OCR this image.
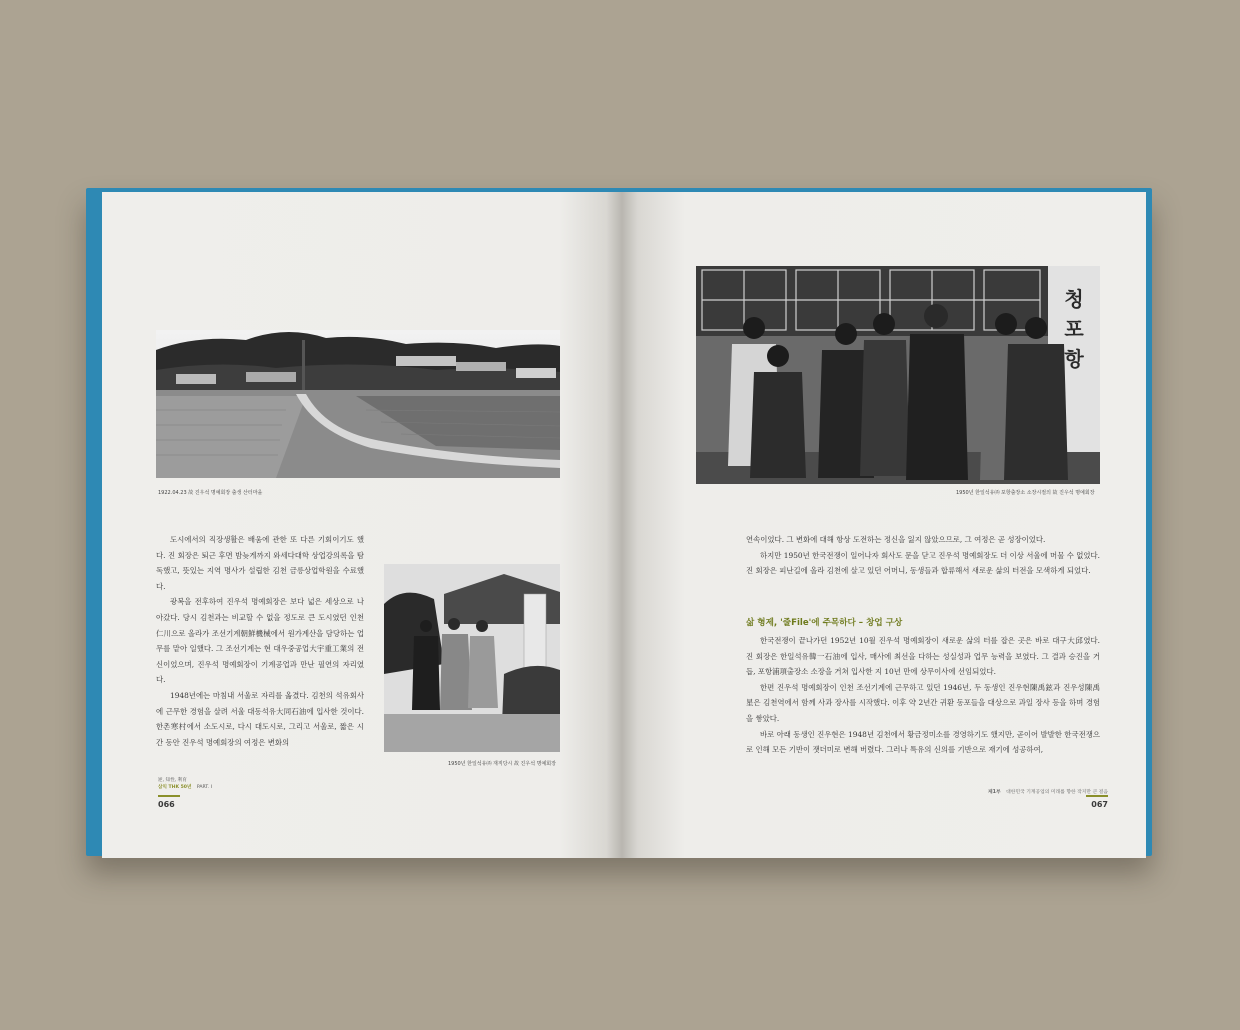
1922.04.23 故 진우석 명예회장 출생 산터마을

도시에서의 직장생활은 배움에 관한 또 다른 기회이기도 했다. 진 회장은 퇴근 후면 밤늦게까지 와세다대학 상업강의록을 탐독했고, 뜻있는 지역 명사가 설립한 김천 금릉상업학원을 수료했다.

광복을 전후하여 진우석 명예회장은 보다 넓은 세상으로 나아갔다. 당시 김천과는 비교할 수 없을 정도로 큰 도시였던 인천仁川으로 올라가 조선기계朝鮮機械에서 원가계산을 담당하는 업무를 맡아 일했다. 그 조선기계는 현 대우중공업大宇重工業의 전신이었으며, 진우석 명예회장이 기계공업과 만난 필연의 자리였다.

1948년에는 마침내 서울로 자리를 옮겼다. 김천의 석유회사에 근무한 경험을 살려 서울 대동석유大同石油에 입사한 것이다. 한촌寒村에서 소도시로, 다시 대도시로, 그리고 서울로, 짧은 시간 동안 진우석 명예회장의 여정은 변화의

1950년 한일석유㈜ 재직당시 故 진우석 명예회장
逆, 知性, 利育
삼익 THK 50년 PART. I
066
청
포
항
1950년 한일석유㈜ 포항출장소 소장시절의 故 진우석 명예회장

연속이었다. 그 변화에 대해 항상 도전하는 정신을 잃지 않았으므로, 그 여정은 곧 성장이었다.

하지만 1950년 한국전쟁이 일어나자 회사도 문을 닫고 진우석 명예회장도 더 이상 서울에 머물 수 없었다. 진 회장은 피난길에 올라 김천에 살고 있던 어머니, 동생들과 합류해서 새로운 삶의 터전을 모색하게 되었다.

삶 형제, '줄File'에 주목하다 – 창업 구상

한국전쟁이 끝나가던 1952년 10월 진우석 명예회장이 새로운 삶의 터를 잡은 곳은 바로 대구大邱였다. 진 회장은 한일석유韓一石油에 입사, 매사에 최선을 다하는 성실성과 업무 능력을 보였다. 그 결과 승진을 거듭, 포항浦項출장소 소장을 거쳐 입사한 지 10년 만에 상무이사에 선임되었다.

한편 진우석 명예회장이 인천 조선기계에 근무하고 있던 1946년, 두 동생인 진우현陳禹鉉과 진우성陳禹星은 김천역에서 함께 사과 장사를 시작했다. 이후 약 2년간 귀환 동포들을 대상으로 과일 장사 등을 하며 경험을 쌓았다.

바로 아래 동생인 진우현은 1948년 김천에서 황금정미소를 경영하기도 했지만, 곧이어 발발한 한국전쟁으로 인해 모든 기반이 잿더미로 변해 버렸다. 그러나 특유의 신의를 기반으로 재기에 성공하여,

제1부 대한민국 기계공업의 미래를 향한 작지만 큰 걸음
067
